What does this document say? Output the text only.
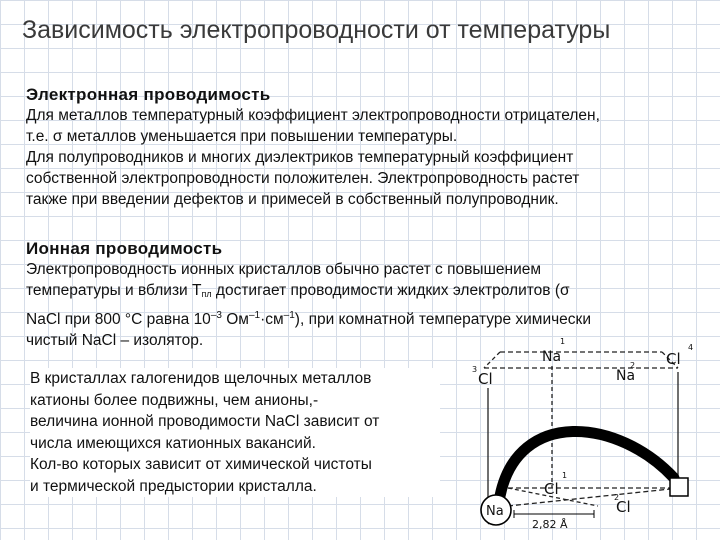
Зависимость электропроводности от температуры
Электронная проводимость
Для металлов температурный коэффициент электропроводности отрицателен,
т.е. σ металлов уменьшается при повышении температуры.
Для полупроводников и многих диэлектриков температурный коэффициент
собственной электропроводности положителен. Электропроводность растет
также при введении дефектов и примесей в собственный полупроводник.
Ионная проводимость
Электропроводность ионных кристаллов обычно растет с повышением
температуры и вблизи $Т_{пл}$ достигает проводимости жидких электролитов (σ
NaCl при 800 °С равна $10^{-3}$ $Ом^{-1}\cdot см^{-1}$), при комнатной температуре химически
чистый NaCl – изолятор.
Na
1
Cl
3	Na
2 Cl
4
Cl
1
Cl
2
Na
2,82 Å
В кристаллах галогенидов щелочных металлов
катионы более подвижны, чем анионы,-
величина ионной проводимости NaCl зависит от
числа имеющихся катионных вакансий.
Кол-во которых зависит от химической чистоты
и термической предыстории кристалла.
